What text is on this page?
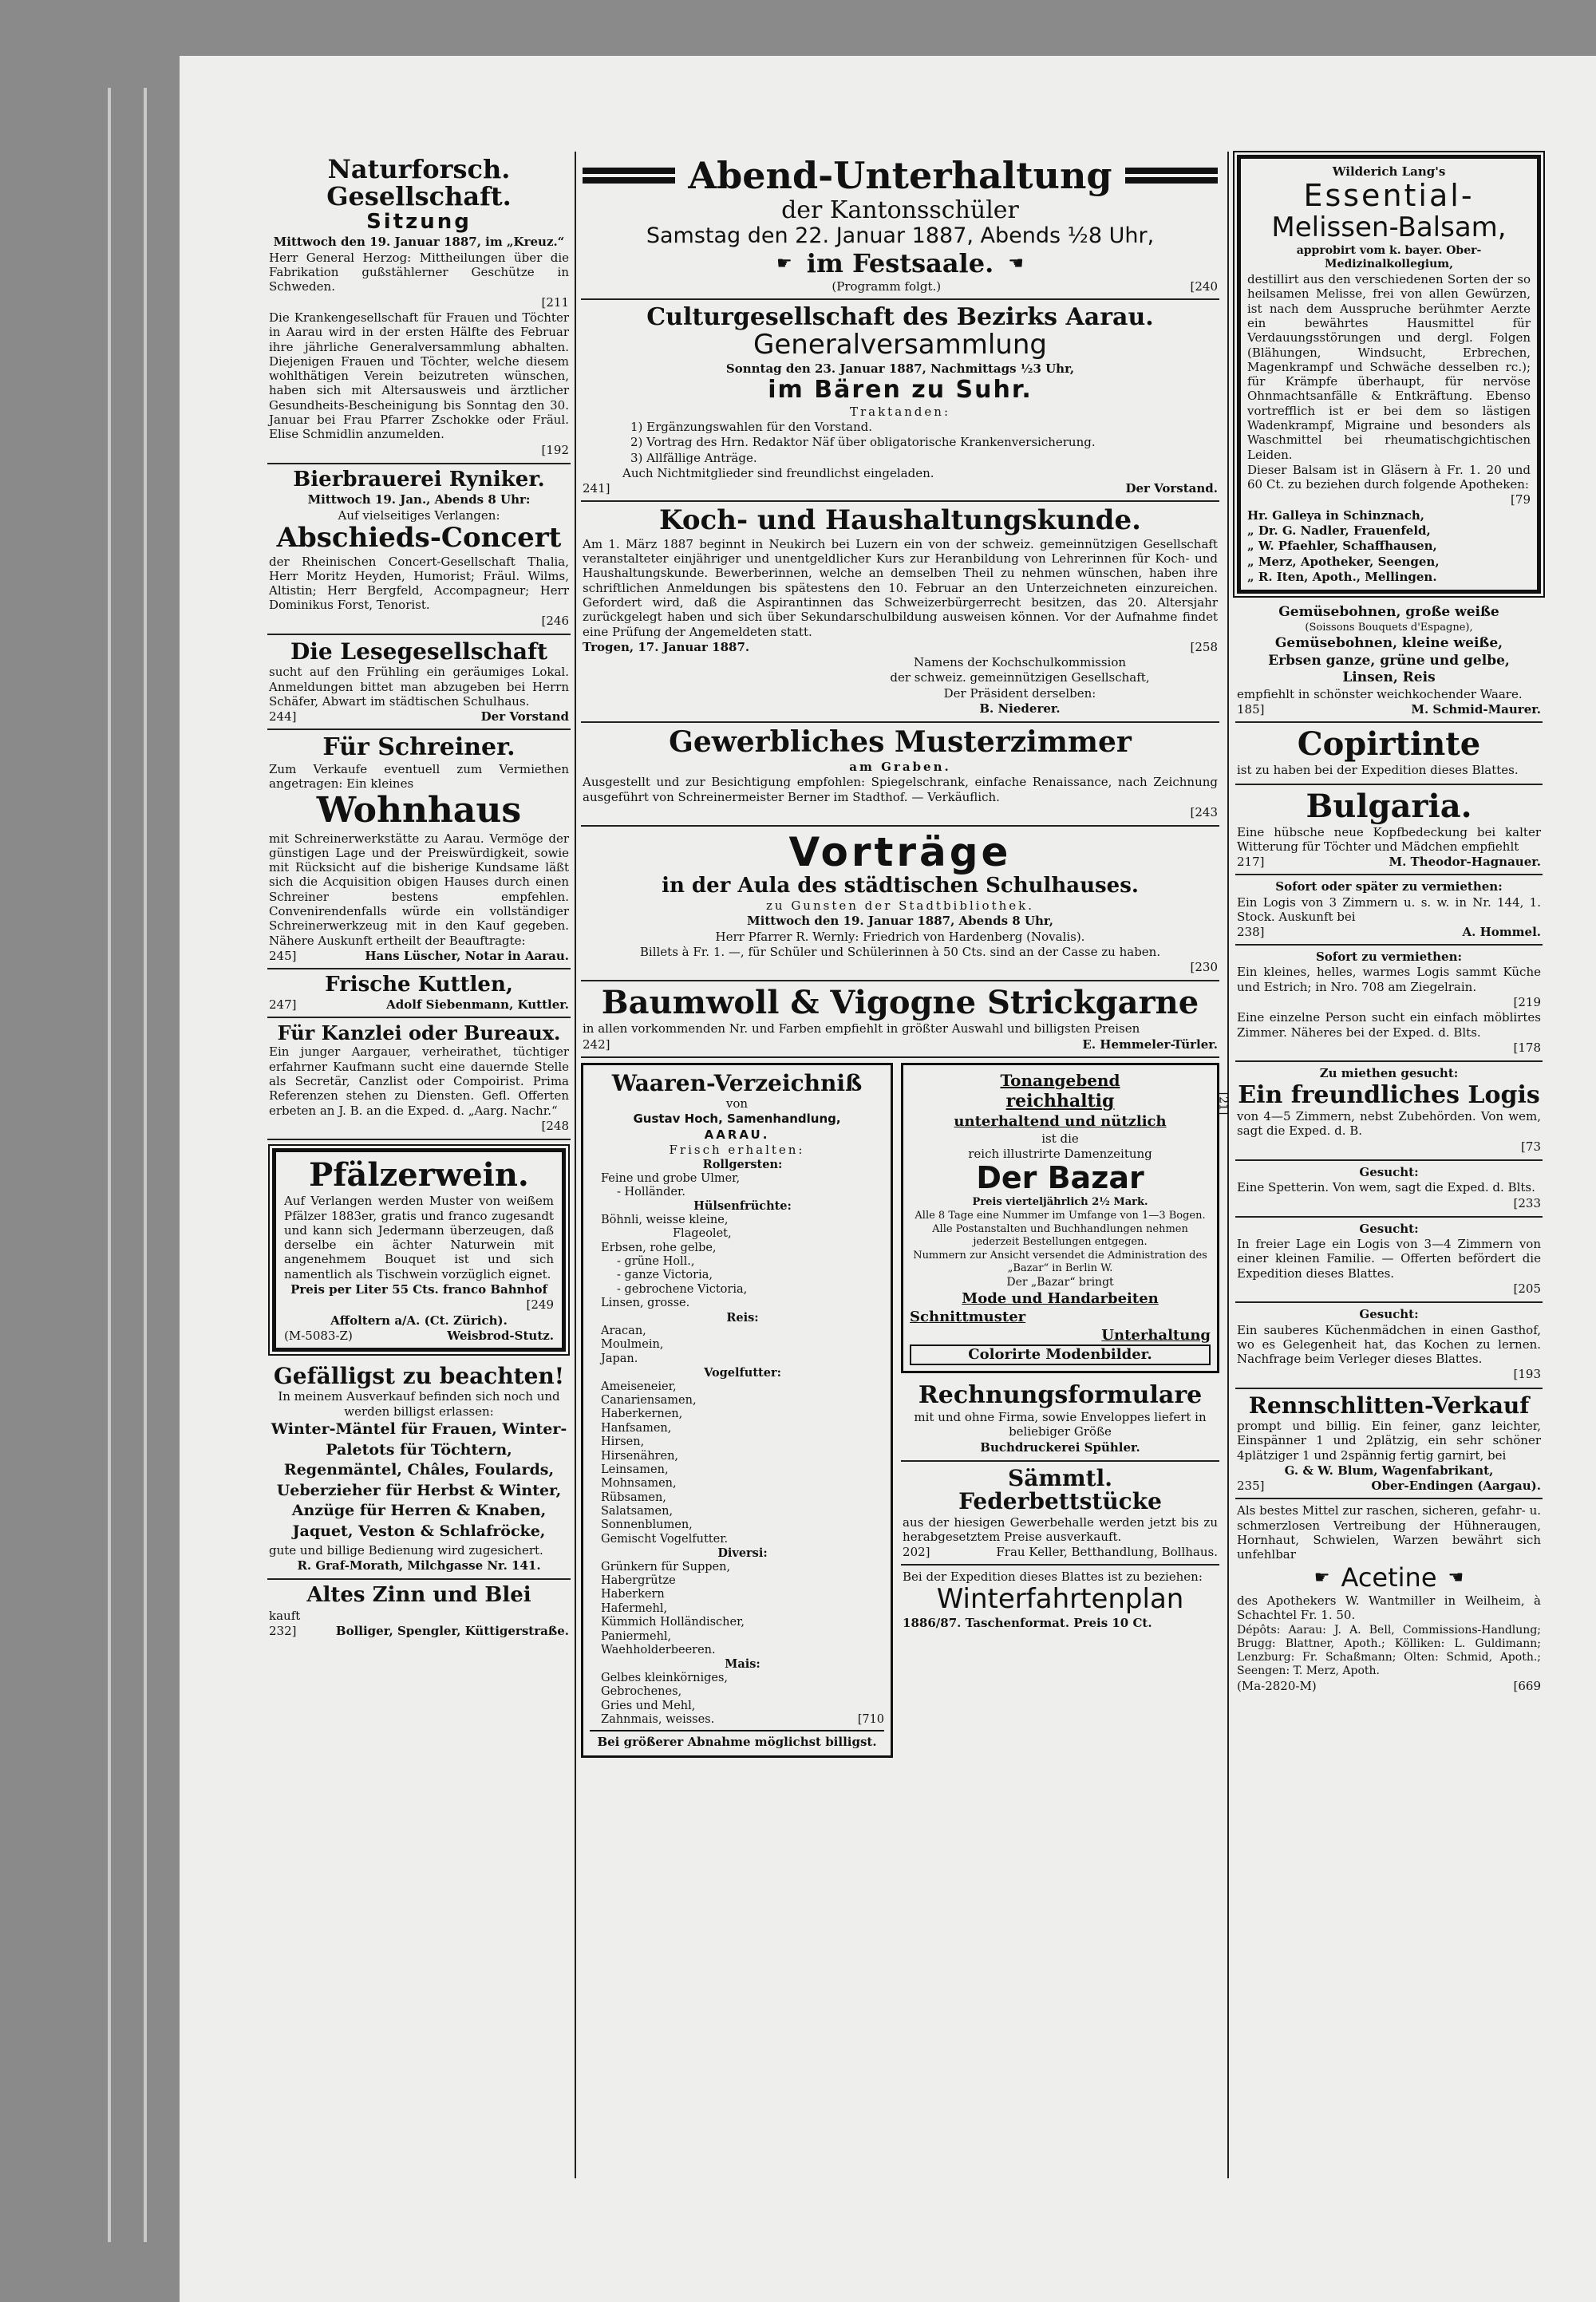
Naturforsch. Gesellschaft.
Sitzung
Mittwoch den 19. Januar 1887, im „Kreuz.“
Herr General Herzog: Mittheilungen über die Fabrikation gußstählerner Geschütze in Schweden.
[211
Die Krankengesellschaft für Frauen und Töchter in Aarau wird in der ersten Hälfte des Februar ihre jährliche Generalversammlung abhalten. Diejenigen Frauen und Töchter, welche diesem wohlthätigen Verein beizutreten wünschen, haben sich mit Altersausweis und ärztlicher Gesundheits-Bescheinigung bis Sonntag den 30. Januar bei Frau Pfarrer Zschokke oder Fräul. Elise Schmidlin anzumelden.
[192
Bierbrauerei Ryniker.
Mittwoch 19. Jan., Abends 8 Uhr:
Auf vielseitiges Verlangen:
Abschieds-Concert
der Rheinischen Concert-Gesellschaft Thalia, Herr Moritz Heyden, Humorist; Fräul. Wilms, Altistin; Herr Bergfeld, Accompagneur; Herr Dominikus Forst, Tenorist.
[246
Die Lesegesellschaft
sucht auf den Frühling ein geräumiges Lokal. Anmeldungen bittet man abzugeben bei Herrn Schäfer, Abwart im städtischen Schulhaus.
244]	Der Vorstand
Für Schreiner.
Zum Verkaufe eventuell zum Vermiethen angetragen: Ein kleines
Wohnhaus
mit Schreinerwerkstätte zu Aarau. Vermöge der günstigen Lage und der Preiswürdigkeit, sowie mit Rücksicht auf die bisherige Kundsame läßt sich die Acquisition obigen Hauses durch einen Schreiner bestens empfehlen. Convenirendenfalls würde ein vollständiger Schreinerwerkzeug mit in den Kauf gegeben. Nähere Auskunft ertheilt der Beauftragte:
245]	Hans Lüscher, Notar in Aarau.
Frische Kuttlen,
247]	Adolf Siebenmann, Kuttler.
Für Kanzlei oder Bureaux.
Ein junger Aargauer, verheirathet, tüchtiger erfahrner Kaufmann sucht eine dauernde Stelle als Secretär, Canzlist oder Compoirist. Prima Referenzen stehen zu Diensten. Gefl. Offerten erbeten an J. B. an die Exped. d. „Aarg. Nachr.“
[248
Pfälzerwein.
Auf Verlangen werden Muster von weißem Pfälzer 1883er, gratis und franco zugesandt und kann sich Jedermann überzeugen, daß derselbe ein ächter Naturwein mit angenehmem Bouquet ist und sich namentlich als Tischwein vorzüglich eignet.
Preis per Liter 55 Cts. franco Bahnhof
[249
Affoltern a/A. (Ct. Zürich).
(M-5083-Z)	Weisbrod-Stutz.
Gefälligst zu beachten!
In meinem Ausverkauf befinden sich noch und werden billigst erlassen:
Winter-Mäntel für Frauen, Winter-Paletots für Töchtern, Regenmäntel, Châles, Foulards, Ueberzieher für Herbst & Winter, Anzüge für Herren & Knaben, Jaquet, Veston & Schlafröcke,
gute und billige Bedienung wird zugesichert.
R. Graf-Morath, Milchgasse Nr. 141.
Altes Zinn und Blei
kauft
232]	Bolliger, Spengler, Küttigerstraße.
Abend-Unterhaltung
der Kantonsschüler
Samstag den 22. Januar 1887, Abends ½8 Uhr,
☛ im Festsaale. ☚
(Programm folgt.)	[240
Culturgesellschaft des Bezirks Aarau.
Generalversammlung
Sonntag den 23. Januar 1887, Nachmittags ½3 Uhr,
im Bären zu Suhr.
Traktanden:
1) Ergänzungswahlen für den Vorstand.
2) Vortrag des Hrn. Redaktor Näf über obligatorische Krankenversicherung.
3) Allfällige Anträge.
Auch Nichtmitglieder sind freundlichst eingeladen.
241]	Der Vorstand.
Koch- und Haushaltungskunde.
Am 1. März 1887 beginnt in Neukirch bei Luzern ein von der schweiz. gemeinnützigen Gesellschaft veranstalteter einjähriger und unentgeldlicher Kurs zur Heranbildung von Lehrerinnen für Koch- und Haushaltungskunde. Bewerberinnen, welche an demselben Theil zu nehmen wünschen, haben ihre schriftlichen Anmeldungen bis spätestens den 10. Februar an den Unterzeichneten einzureichen. Gefordert wird, daß die Aspirantinnen das Schweizerbürgerrecht besitzen, das 20. Altersjahr zurückgelegt haben und sich über Sekundarschulbildung ausweisen können. Vor der Aufnahme findet eine Prüfung der Angemeldeten statt.
Trogen, 17. Januar 1887.	[258
Namens der Kochschulkommission
der schweiz. gemeinnützigen Gesellschaft,
Der Präsident derselben:
B. Niederer.
Gewerbliches Musterzimmer
am Graben.
Ausgestellt und zur Besichtigung empfohlen: Spiegelschrank, einfache Renaissance, nach Zeichnung ausgeführt von Schreinermeister Berner im Stadthof. — Verkäuflich.
[243
Vorträge
in der Aula des städtischen Schulhauses.
zu Gunsten der Stadtbibliothek.
Mittwoch den 19. Januar 1887, Abends 8 Uhr,
Herr Pfarrer R. Wernly: Friedrich von Hardenberg (Novalis).
Billets à Fr. 1. —, für Schüler und Schülerinnen à 50 Cts. sind an der Casse zu haben.
[230
Baumwoll & Vigogne Strickgarne
in allen vorkommenden Nr. und Farben empfiehlt in größter Auswahl und billigsten Preisen
242]	E. Hemmeler-Türler.
Waaren-Verzeichniß
von
Gustav Hoch, Samenhandlung,
AARAU.
Frisch erhalten:
Rollgersten:
Feine und grobe Ulmer,
- Holländer.
Hülsenfrüchte:
Böhnli, weisse kleine,
Flageolet,
Erbsen, rohe gelbe,
- grüne Holl.,
- ganze Victoria,
- gebrochene Victoria,
Linsen, grosse.
Reis:
Aracan,
Moulmein,
Japan.
Vogelfutter:
Ameiseneier,
Canariensamen,
Haberkernen,
Hanfsamen,
Hirsen,
Hirsenähren,
Leinsamen,
Mohnsamen,
Rübsamen,
Salatsamen,
Sonnenblumen,
Gemischt Vogelfutter.
Diversi:
Grünkern für Suppen,
Habergrütze
Haberkern
Hafermehl,
Kümmich Holländischer,
Paniermehl,
Waehholderbeeren.
Mais:
Gelbes kleinkörniges,
Gebrochenes,
Gries und Mehl,
Zahnmais, weisses.	[710
Bei größerer Abnahme möglichst billigst.
Tonangebend
reichhaltig
unterhaltend und nützlich
ist die
reich illustrirte Damenzeitung
Der Bazar
Preis vierteljährlich 2½ Mark.
Alle 8 Tage eine Nummer im Umfange von 1—3 Bogen.
Alle Postanstalten und Buchhandlungen nehmen jederzeit Bestellungen entgegen.
Nummern zur Ansicht versendet die Administration des „Bazar“ in Berlin W.
Der „Bazar“ bringt
Mode und Handarbeiten
Schnittmuster
Unterhaltung
Colorirte Modenbilder.
[21]
Rechnungsformulare
mit und ohne Firma, sowie Enveloppes liefert in beliebiger Größe
Buchdruckerei Spühler.
Sämmtl. Federbettstücke
aus der hiesigen Gewerbehalle werden jetzt bis zu herabgesetztem Preise ausverkauft.
202]	Frau Keller, Betthandlung, Bollhaus.
Bei der Expedition dieses Blattes ist zu beziehen:
Winterfahrtenplan
1886/87. Taschenformat. Preis 10 Ct.
Wilderich Lang's
Essential-
Melissen-Balsam,
approbirt vom k. bayer. Ober-Medizinalkollegium,
destillirt aus den verschiedenen Sorten der so heilsamen Melisse, frei von allen Gewürzen, ist nach dem Ausspruche berühmter Aerzte ein bewährtes Hausmittel für Verdauungsstörungen und dergl. Folgen (Blähungen, Windsucht, Erbrechen, Magenkrampf und Schwäche desselben rc.); für Krämpfe überhaupt, für nervöse Ohnmachtsanfälle & Entkräftung. Ebenso vortrefflich ist er bei dem so lästigen Wadenkrampf, Migraine und besonders als Waschmittel bei rheumatischgichtischen Leiden.
Dieser Balsam ist in Gläsern à Fr. 1. 20 und 60 Ct. zu beziehen durch folgende Apotheken:
[79
Hr. Galleya in Schinznach,
„ Dr. G. Nadler, Frauenfeld,
„ W. Pfaehler, Schaffhausen,
„ Merz, Apotheker, Seengen,
„ R. Iten, Apoth., Mellingen.
Gemüsebohnen, große weiße
(Soissons Bouquets d'Espagne),
Gemüsebohnen, kleine weiße,
Erbsen ganze, grüne und gelbe,
Linsen, Reis
empfiehlt in schönster weichkochender Waare.
185]	M. Schmid-Maurer.
Copirtinte
ist zu haben bei der Expedition dieses Blattes.
Bulgaria.
Eine hübsche neue Kopfbedeckung bei kalter Witterung für Töchter und Mädchen empfiehlt
217]	M. Theodor-Hagnauer.
Sofort oder später zu vermiethen:
Ein Logis von 3 Zimmern u. s. w. in Nr. 144, 1. Stock. Auskunft bei
238]	A. Hommel.
Sofort zu vermiethen:
Ein kleines, helles, warmes Logis sammt Küche und Estrich; in Nro. 708 am Ziegelrain.
[219
Eine einzelne Person sucht ein einfach möblirtes Zimmer. Näheres bei der Exped. d. Blts.
[178
Zu miethen gesucht:
Ein freundliches Logis
von 4—5 Zimmern, nebst Zubehörden. Von wem, sagt die Exped. d. B.
[73
Gesucht:
Eine Spetterin. Von wem, sagt die Exped. d. Blts.
[233
Gesucht:
In freier Lage ein Logis von 3—4 Zimmern von einer kleinen Familie. — Offerten befördert die Expedition dieses Blattes.
[205
Gesucht:
Ein sauberes Küchenmädchen in einen Gasthof, wo es Gelegenheit hat, das Kochen zu lernen. Nachfrage beim Verleger dieses Blattes.
[193
Rennschlitten-Verkauf
prompt und billig. Ein feiner, ganz leichter, Einspänner 1 und 2plätzig, ein sehr schöner 4plätziger 1 und 2spännig fertig garnirt, bei
G. & W. Blum, Wagenfabrikant,
235]	Ober-Endingen (Aargau).
Als bestes Mittel zur raschen, sicheren, gefahr- u. schmerzlosen Vertreibung der Hühneraugen, Hornhaut, Schwielen, Warzen bewährt sich unfehlbar
☛ Acetine ☚
des Apothekers W. Wantmiller in Weilheim, à Schachtel Fr. 1. 50.
Dépôts: Aarau: J. A. Bell, Commissions-Handlung; Brugg: Blattner, Apoth.; Kölliken: L. Guldimann; Lenzburg: Fr. Schaßmann; Olten: Schmid, Apoth.; Seengen: T. Merz, Apoth.
(Ma-2820-M)	[669
